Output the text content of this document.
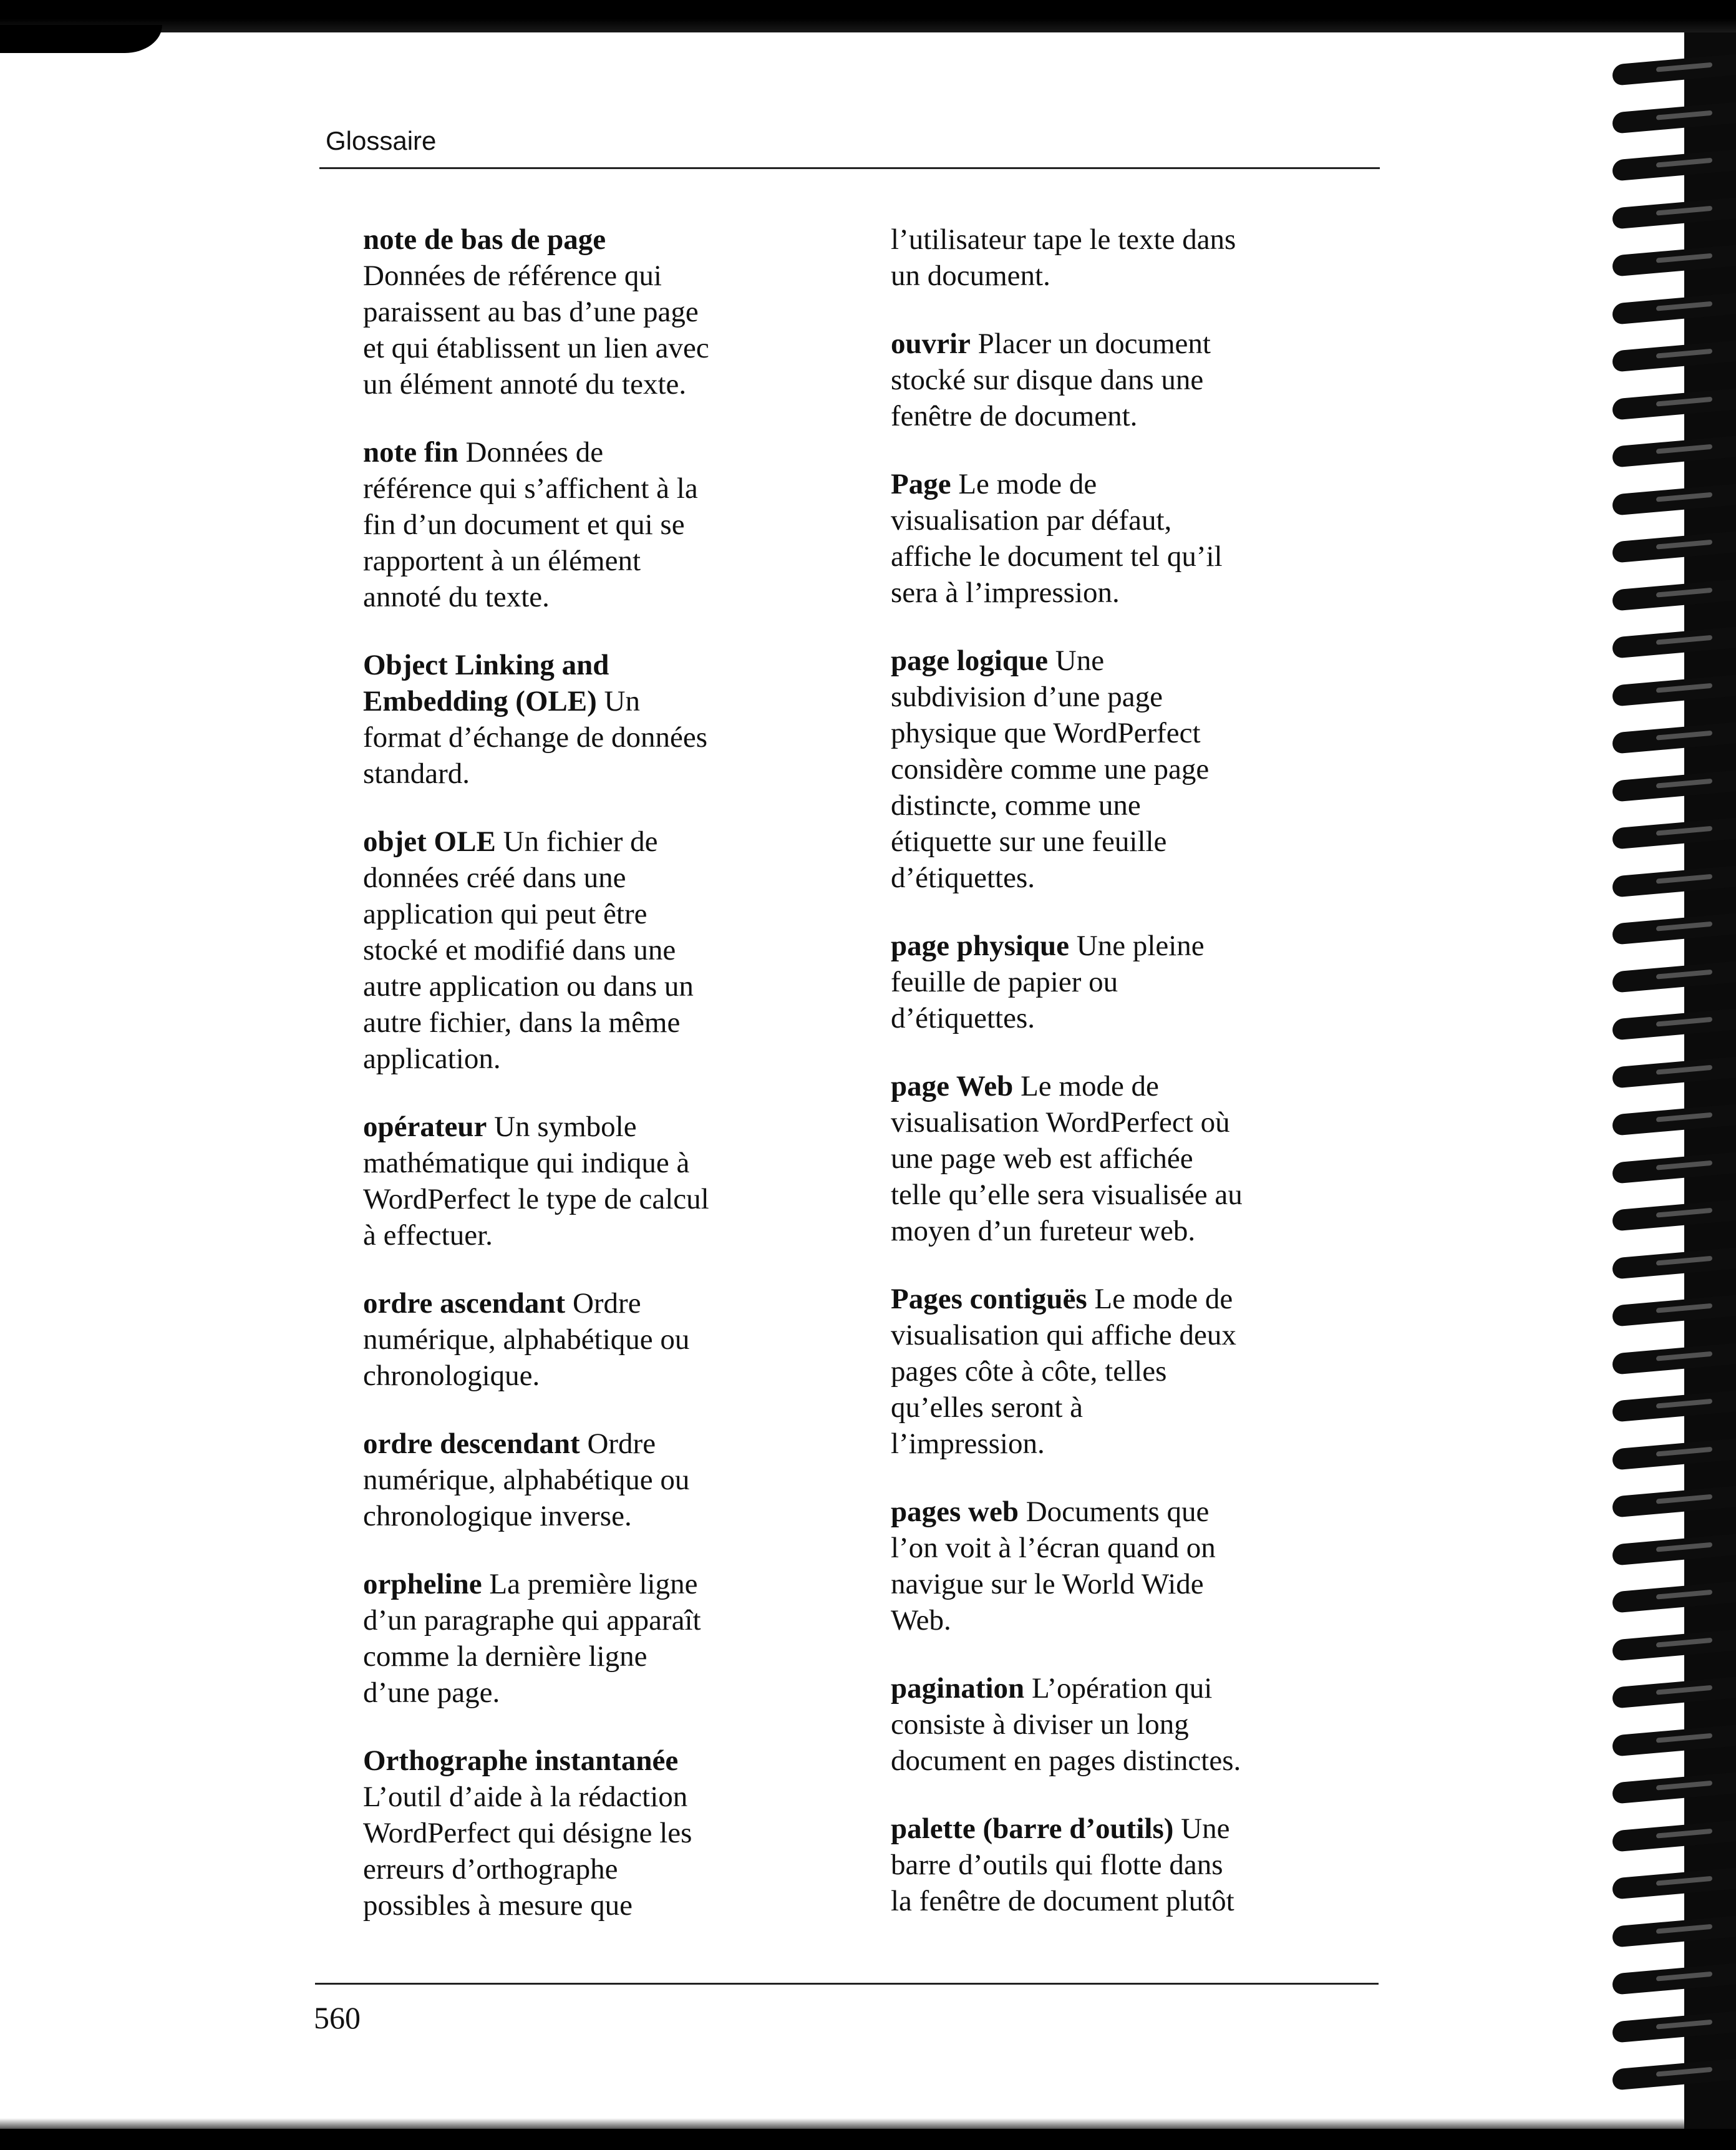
Glossaire
note de bas de page
Données de référence qui
paraissent au bas d’une page
et qui établissent un lien avec
un élément annoté du texte.
note fin Données de
référence qui s’affichent à la
fin d’un document et qui se
rapportent à un élément
annoté du texte.
Object Linking and
Embedding (OLE) Un
format d’échange de données
standard.
objet OLE Un fichier de
données créé dans une
application qui peut être
stocké et modifié dans une
autre application ou dans un
autre fichier, dans la même
application.
opérateur Un symbole
mathématique qui indique à
WordPerfect le type de calcul
à effectuer.
ordre ascendant Ordre
numérique, alphabétique ou
chronologique.
ordre descendant Ordre
numérique, alphabétique ou
chronologique inverse.
orpheline La première ligne
d’un paragraphe qui apparaît
comme la dernière ligne
d’une page.
Orthographe instantanée
L’outil d’aide à la rédaction
WordPerfect qui désigne les
erreurs d’orthographe
possibles à mesure que
l’utilisateur tape le texte dans
un document.
ouvrir Placer un document
stocké sur disque dans une
fenêtre de document.
Page Le mode de
visualisation par défaut,
affiche le document tel qu’il
sera à l’impression.
page logique Une
subdivision d’une page
physique que WordPerfect
considère comme une page
distincte, comme une
étiquette sur une feuille
d’étiquettes.
page physique Une pleine
feuille de papier ou
d’étiquettes.
page Web Le mode de
visualisation WordPerfect où
une page web est affichée
telle qu’elle sera visualisée au
moyen d’un fureteur web.
Pages contiguës Le mode de
visualisation qui affiche deux
pages côte à côte, telles
qu’elles seront à
l’impression.
pages web Documents que
l’on voit à l’écran quand on
navigue sur le World Wide
Web.
pagination L’opération qui
consiste à diviser un long
document en pages distinctes.
palette (barre d’outils) Une
barre d’outils qui flotte dans
la fenêtre de document plutôt
560
